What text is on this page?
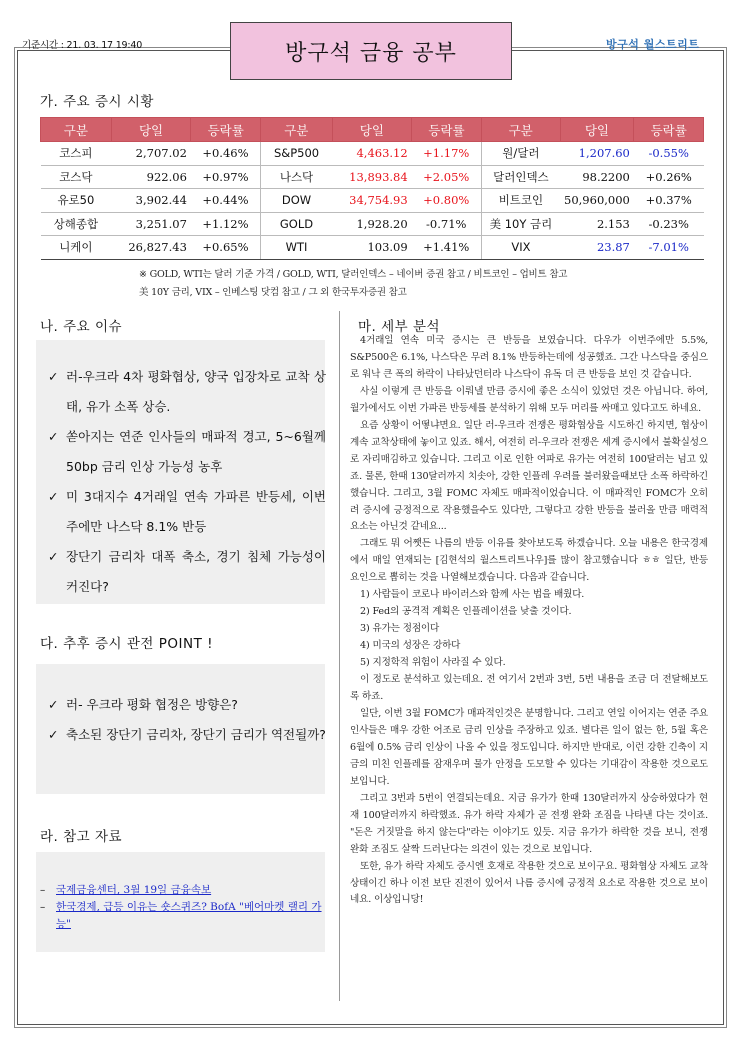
기준시간 : 21. 03. 17 19:40	방구석 금융 공부	방구석 월스트리트
가. 주요 증시 시황
구분	당일	등락률	구분	당일	등락률	구분	당일	등락률
코스피	2,707.02	+0.46%	S&P500	4,463.12	+1.17%	원/달러	1,207.60	-0.55%
코스닥	922.06	+0.97%	나스닥	13,893.84	+2.05%	달러인덱스	98.2200	+0.26%
유로50	3,902.44	+0.44%	DOW	34,754.93	+0.80%	비트코인	50,960,000	+0.37%
상해종합	3,251.07	+1.12%	GOLD	1,928.20	-0.71%	美 10Y 금리	2.153	-0.23%
니케이	26,827.43	+0.65%	WTI	103.09	+1.41%	VIX	23.87	-7.01%
※ GOLD, WTI는 달러 기준 가격 / GOLD, WTI, 달러인덱스 – 네이버 증권 참고 / 비트코인 – 업비트 참고
美 10Y 금리, VIX – 인베스팅 닷컴 참고 / 그 외 한국투자증권 참고
나. 주요 이슈
✓ 러-우크라 4차 평화협상, 양국 입장차로 교착 상태, 유가 소폭 상승.
✓ 쏟아지는 연준 인사들의 매파적 경고, 5~6월께 50bp 금리 인상 가능성 농후
✓ 미 3대지수 4거래일 연속 가파른 반등세, 이번주에만 나스닥 8.1% 반등
✓ 장단기 금리차 대폭 축소, 경기 침체 가능성이 커진다?
다. 추후 증시 관전 POINT !
✓ 러- 우크라 평화 협정은 방향은?
✓ 축소된 장단기 금리차, 장단기 금리가 역전될까?
라. 참고 자료
–	국제금융센터, 3월 19일 금융속보
–	한국경제, 급등 이유는 숏스퀴즈? BofA "베어마켓 랠리 가능"
마. 세부 분석

4거래일 연속 미국 증시는 큰 반등을 보였습니다. 다우가 이번주에만 5.5%, S&P500은 6.1%, 나스닥은 무려 8.1% 반등하는데에 성공했죠. 그간 나스닥을 중심으로 워낙 큰 폭의 하락이 나타났던터라 나스닥이 유독 더 큰 반등을 보인 것 같습니다.

사실 이렇게 큰 반등을 이뤄낼 만큼 증시에 좋은 소식이 있었던 것은 아닙니다. 하여, 월가에서도 이번 가파른 반등세를 분석하기 위해 모두 머리를 싸매고 있다고도 하네요.

요즘 상황이 어떻냐면요. 일단 러-우크라 전쟁은 평화협상을 시도하긴 하지면, 협상이 계속 교착상태에 놓이고 있죠. 해서, 여전히 러-우크라 전쟁은 세계 증시에서 불확실성으로 자리매김하고 있습니다. 그리고 이로 인한 여파로 유가는 여전히 100달러는 넘고 있죠. 물론, 한때 130달러까지 치솟아, 강한 인플레 우려를 불러왔을때보단 소폭 하락하긴 했습니다. 그리고, 3월 FOMC 자체도 매파적이었습니다. 이 매파적인 FOMC가 오히려 증시에 긍정적으로 작용했을수도 있다만, 그렇다고 강한 반등을 불러올 만큼 매력적 요소는 아닌것 같네요...

그래도 뭐 어쨋든 나름의 반등 이유를 찾아보도록 하겠습니다. 오늘 내용은 한국경제에서 매일 연재되는 [김현석의 월스트리트나우]를 많이 참고했습니다 ㅎㅎ 일단, 반등 요인으로 뽑히는 것을 나열해보겠습니다. 다음과 같습니다.

1) 사람들이 코로나 바이러스와 함께 사는 법을 배웠다.

2) Fed의 공격적 계획은 인플레이션을 낮출 것이다.

3) 유가는 정점이다

4) 미국의 성장은 강하다

5) 지정학적 위험이 사라질 수 있다.

이 정도로 분석하고 있는데요. 전 여기서 2번과 3번, 5번 내용을 조금 더 전달해보도록 하죠.

일단, 이번 3월 FOMC가 매파적인것은 분명합니다. 그리고 연일 이어지는 연준 주요 인사들은 매우 강한 어조로 금리 인상을 주장하고 있죠. 별다른 일이 없는 한, 5월 혹은 6월에 0.5% 금리 인상이 나올 수 있을 정도입니다. 하지만 반대로, 이런 강한 긴축이 지금의 미친 인플레를 잠재우며 물가 안정을 도모할 수 있다는 기대감이 작용한 것으로도 보입니다.

그리고 3번과 5번이 연결되는데요. 지금 유가가 한때 130달러까지 상승하였다가 현재 100달러까지 하락했죠. 유가 하락 자체가 곧 전쟁 완화 조짐을 나타낸 다는 것이죠. "돈은 거짓말을 하지 않는다"라는 이야기도 있듯. 지금 유가가 하락한 것을 보니, 전쟁 완화 조짐도 살짝 드러난다는 의견이 있는 것으로 보입니다.

또한, 유가 하락 자체도 증시엔 호재로 작용한 것으로 보이구요. 평화협상 자체도 교착상태이긴 하나 이전 보단 진전이 있어서 나름 증시에 긍정적 요소로 작용한 것으로 보이네요. 이상입니당!
